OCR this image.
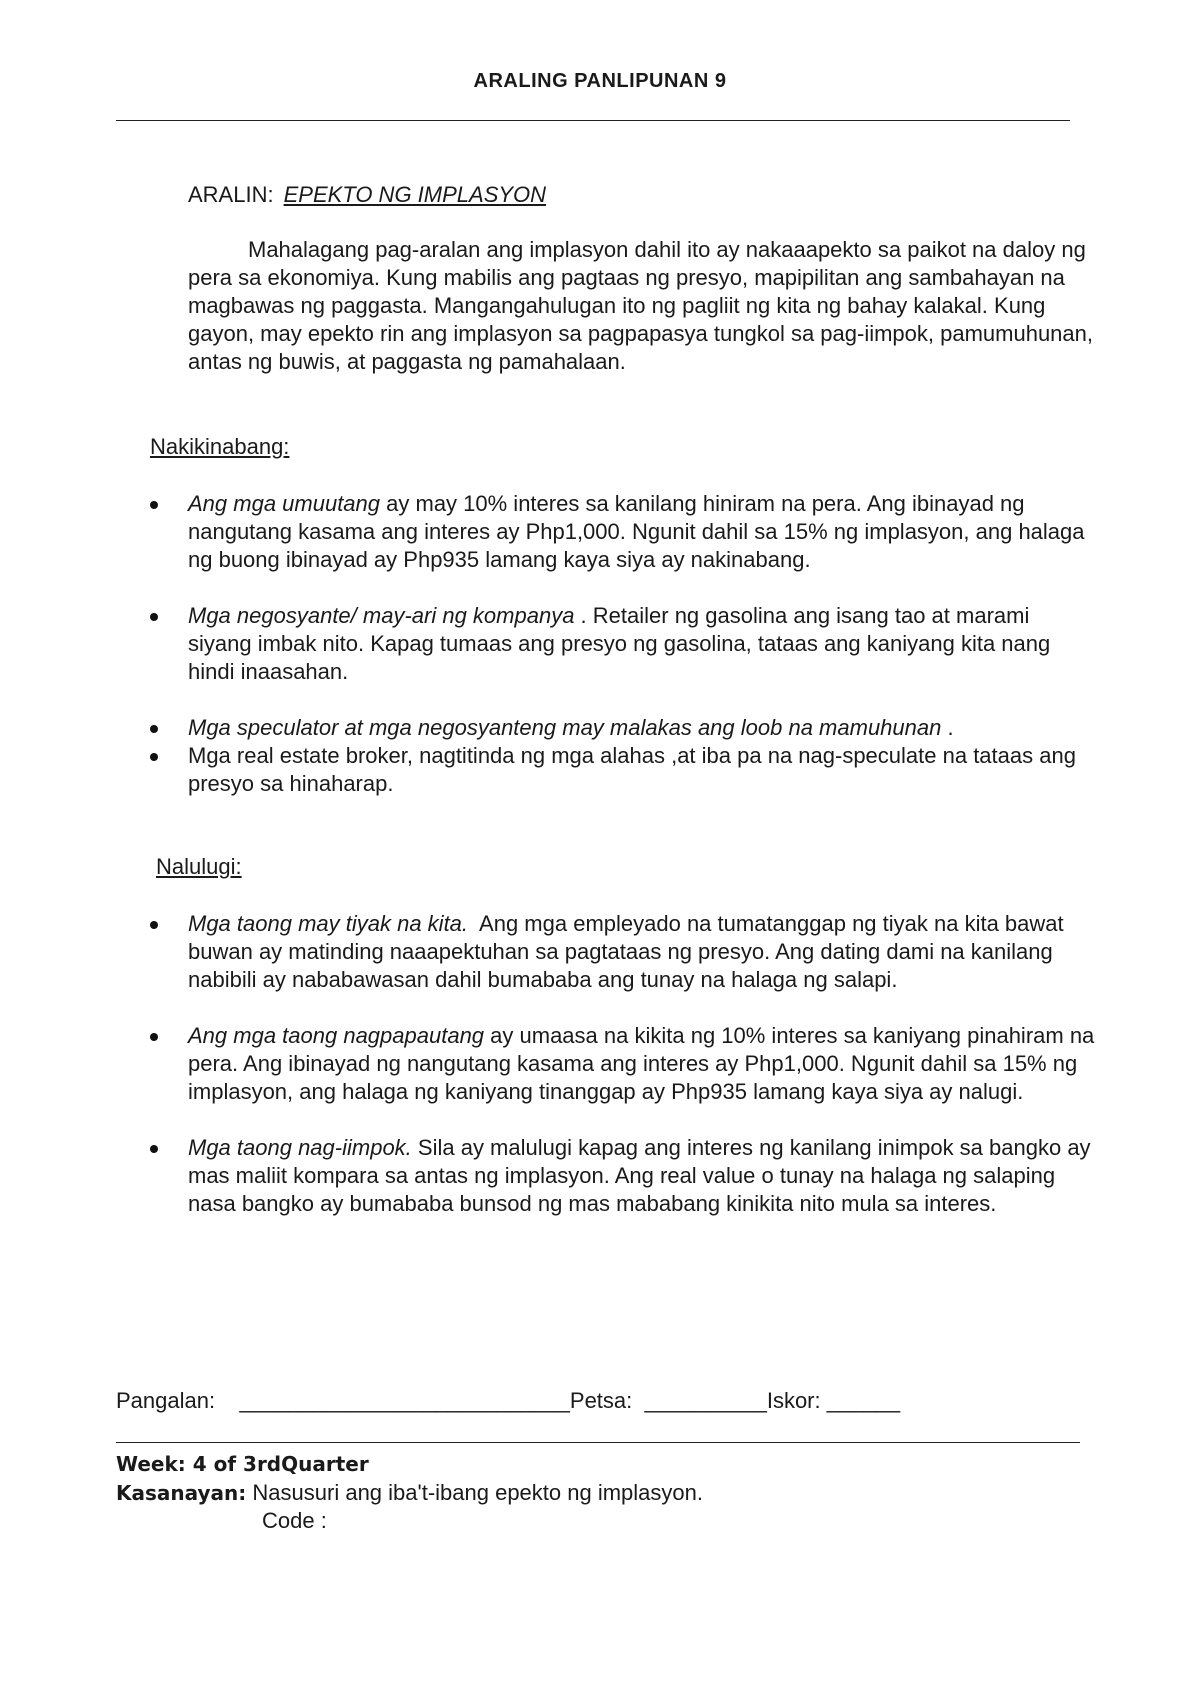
ARALING PANLIPUNAN 9
ARALIN: EPEKTO NG IMPLASYON
Mahalagang pag-aralan ang implasyon dahil ito ay nakaaapekto sa paikot na daloy ng pera sa ekonomiya. Kung mabilis ang pagtaas ng presyo, mapipilitan ang sambahayan na magbawas ng paggasta. Mangangahulugan ito ng pagliit ng kita ng bahay kalakal. Kung gayon, may epekto rin ang implasyon sa pagpapasya tungkol sa pag-iimpok, pamumuhunan, antas ng buwis, at paggasta ng pamahalaan.
Nakikinabang:
Ang mga umuutang ay may 10% interes sa kanilang hiniram na pera. Ang ibinayad ng nangutang kasama ang interes ay Php1,000. Ngunit dahil sa 15% ng implasyon, ang halaga ng buong ibinayad ay Php935 lamang kaya siya ay nakinabang.
Mga negosyante/ may-ari ng kompanya . Retailer ng gasolina ang isang tao at marami siyang imbak nito. Kapag tumaas ang presyo ng gasolina, tataas ang kaniyang kita nang hindi inaasahan.
Mga speculator at mga negosyanteng may malakas ang loob na mamuhunan .
Mga real estate broker, nagtitinda ng mga alahas ,at iba pa na nag-speculate na tataas ang presyo sa hinaharap.
Nalulugi:
Mga taong may tiyak na kita.  Ang mga empleyado na tumatanggap ng tiyak na kita bawat buwan ay matinding naaapektuhan sa pagtataas ng presyo. Ang dating dami na kanilang nabibili ay nababawasan dahil bumababa ang tunay na halaga ng salapi.
Ang mga taong nagpapautang ay umaasa na kikita ng 10% interes sa kaniyang pinahiram na pera. Ang ibinayad ng nangutang kasama ang interes ay Php1,000. Ngunit dahil sa 15% ng implasyon, ang halaga ng kaniyang tinanggap ay Php935 lamang kaya siya ay nalugi.
Mga taong nag-iimpok. Sila ay malulugi kapag ang interes ng kanilang inimpok sa bangko ay mas maliit kompara sa antas ng implasyon. Ang real value o tunay na halaga ng salaping nasa bangko ay bumababa bunsod ng mas mababang kinikita nito mula sa interes.
Pangalan:    ___________________________Petsa:  __________Iskor: ______
Week: 4 of 3rdQuarter
Kasanayan: Nasusuri ang iba't-ibang epekto ng implasyon.
Code :
